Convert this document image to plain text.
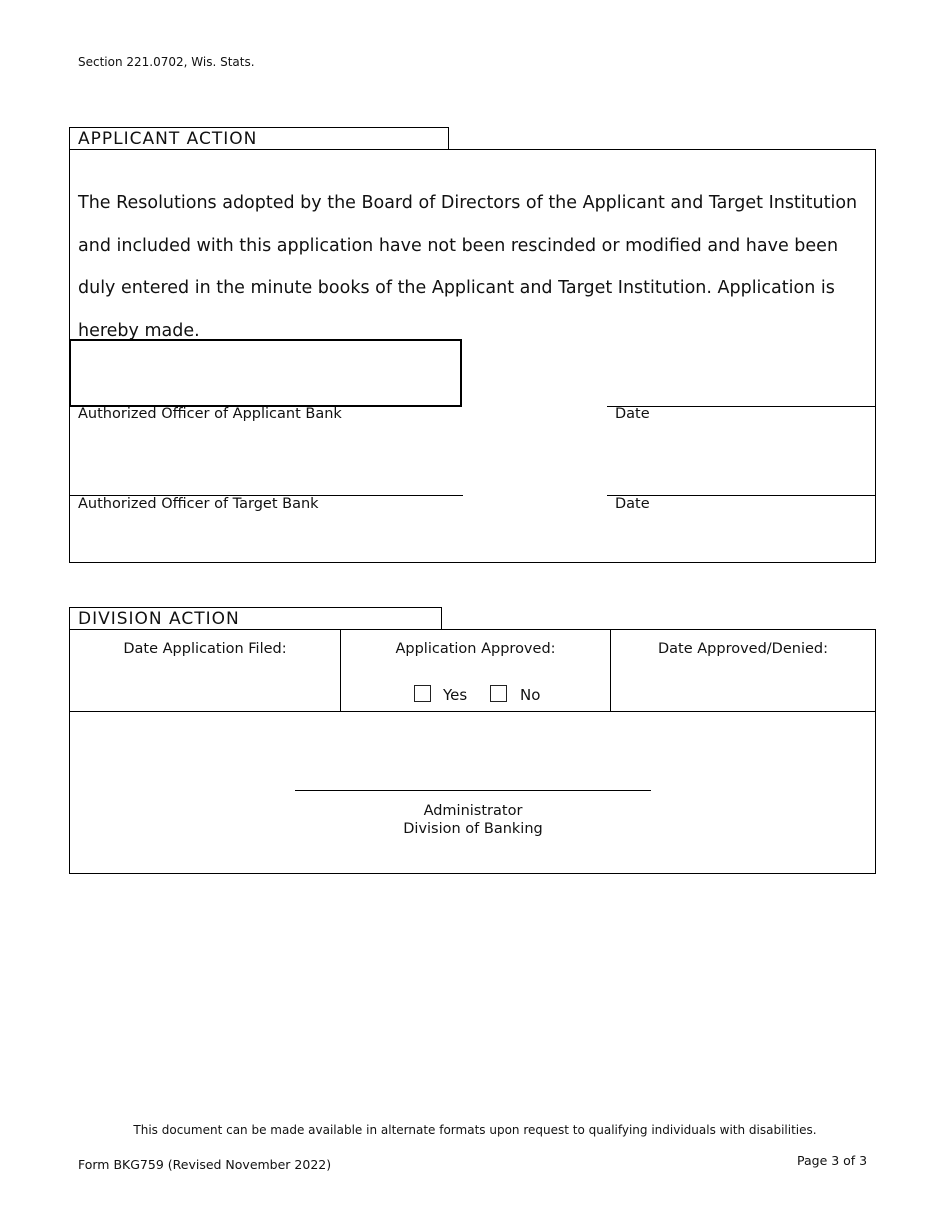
Section 221.0702, Wis. Stats.
APPLICANT ACTION
The Resolutions adopted by the Board of Directors of the Applicant and Target Institution and included with this application have not been rescinded or modified and have been duly entered in the minute books of the Applicant and Target Institution. Application is hereby made.
Authorized Officer of Applicant Bank	Date
Authorized Officer of Target Bank	Date
DIVISION ACTION
Date Application Filed:	Application Approved:	Date Approved/Denied:
Yes	No
Administrator
Division of Banking
This document can be made available in alternate formats upon request to qualifying individuals with disabilities.
Form BKG759 (Revised November 2022)	Page 3 of 3
